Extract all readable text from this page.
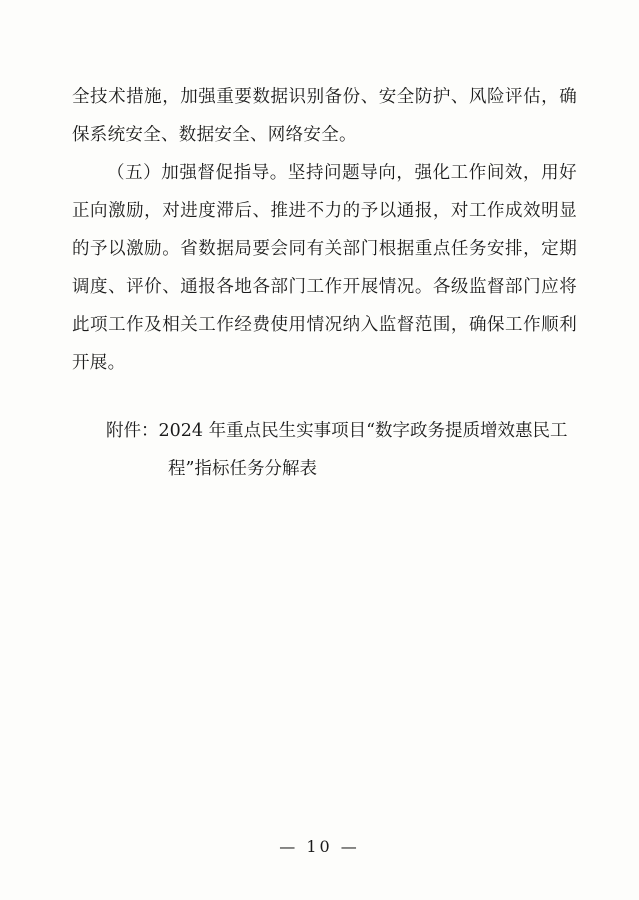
全技术措施，加强重要数据识别备份、安全防护、风险评估，确保系统安全、数据安全、网络安全。

（五）加强督促指导。坚持问题导向，强化工作间效，用好正向激励，对进度滞后、推进不力的予以通报，对工作成效明显的予以激励。省数据局要会同有关部门根据重点任务安排，定期调度、评价、通报各地各部门工作开展情况。各级监督部门应将此项工作及相关工作经费使用情况纳入监督范围，确保工作顺利开展。

附件：2024 年重点民生实事项目“数字政务提质增效惠民工
程”指标任务分解表
— 10 —
